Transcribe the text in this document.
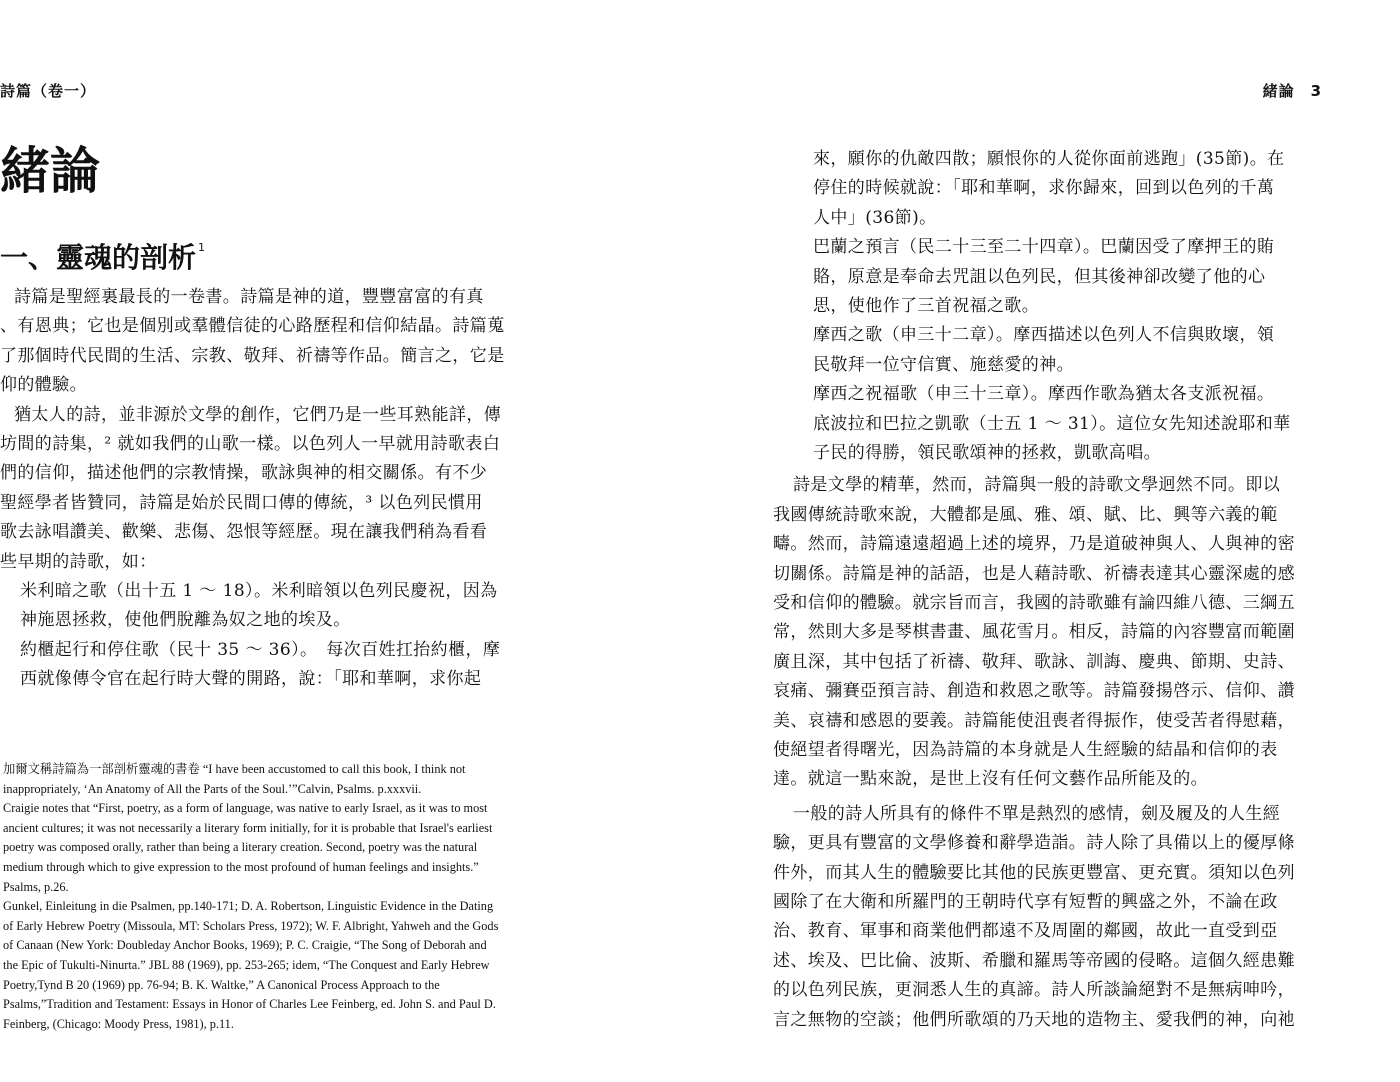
詩篇（卷一）
緒論
一、靈魂的剖析 $^1$

詩篇是聖經裏最長的一卷書。詩篇是神的道，豐豐富富的有真

、有恩典；它也是個別或羣體信徒的心路歷程和信仰結晶。詩篇蒐

了那個時代民間的生活、宗教、敬拜、祈禱等作品。簡言之，它是

仰的體驗。

猶太人的詩，並非源於文學的創作，它們乃是一些耳熟能詳，傳

坊間的詩集，² 就如我們的山歌一樣。以色列人一早就用詩歌表白

們的信仰，描述他們的宗教情操，歌詠與神的相交關係。有不少

聖經學者皆贊同，詩篇是始於民間口傳的傳統，³ 以色列民慣用

歌去詠唱讚美、歡樂、悲傷、怨恨等經歷。現在讓我們稍為看看

些早期的詩歌，如：

米利暗之歌（出十五 1 ～ 18）。米利暗領以色列民慶祝，因為

神施恩拯救，使他們脫離為奴之地的埃及。

約櫃起行和停住歌（民十 35 ～ 36）。　每次百姓扛抬約櫃，摩

西就像傳令官在起行時大聲的開路，說：「耶和華啊，求你起

加爾文稱詩篇為一部剖析靈魂的書卷 “I have been accustomed to call this book, I think not

inappropriately, ‘An Anatomy of All the Parts of the Soul.’”Calvin, Psalms. p.xxxvii.

Craigie notes that “First, poetry, as a form of language, was native to early Israel, as it was to most

ancient cultures; it was not necessarily a literary form initially, for it is probable that Israel's earliest

poetry was composed orally, rather than being a literary creation. Second, poetry was the natural

medium through which to give expression to the most profound of human feelings and insights.”

Psalms, p.26.

Gunkel, Einleitung in die Psalmen, pp.140-171; D. A. Robertson, Linguistic Evidence in the Dating

of Early Hebrew Poetry (Missoula, MT: Scholars Press, 1972); W. F. Albright, Yahweh and the Gods

of Canaan (New York: Doubleday Anchor Books, 1969); P. C. Craigie, “The Song of Deborah and

the Epic of Tukulti-Ninurta.” JBL 88 (1969), pp. 253-265; idem, “The Conquest and Early Hebrew

Poetry,Tynd B 20 (1969) pp. 76-94; B. K. Waltke,” A Canonical Process Approach to the

Psalms,”Tradition and Testament: Essays in Honor of Charles Lee Feinberg, ed. John S. and Paul D.

Feinberg, (Chicago: Moody Press, 1981), p.11.

緒論　3

來，願你的仇敵四散；願恨你的人從你面前逃跑」(35節)。在

停住的時候就說：「耶和華啊，求你歸來，回到以色列的千萬

人中」(36節)。

巴蘭之預言（民二十三至二十四章）。巴蘭因受了摩押王的賄

賂，原意是奉命去咒詛以色列民，但其後神卻改變了他的心

思，使他作了三首祝福之歌。

摩西之歌（申三十二章）。摩西描述以色列人不信與敗壞，領

民敬拜一位守信實、施慈愛的神。

摩西之祝福歌（申三十三章）。摩西作歌為猶太各支派祝福。

底波拉和巴拉之凱歌（士五 1 ～ 31）。這位女先知述說耶和華

子民的得勝，領民歌頌神的拯救，凱歌高唱。

詩是文學的精華，然而，詩篇與一般的詩歌文學迥然不同。即以

我國傳統詩歌來說，大體都是風、雅、頌、賦、比、興等六義的範

疇。然而，詩篇遠遠超過上述的境界，乃是道破神與人、人與神的密

切關係。詩篇是神的話語，也是人藉詩歌、祈禱表達其心靈深處的感

受和信仰的體驗。就宗旨而言，我國的詩歌雖有論四維八德、三綱五

常，然則大多是琴棋書畫、風花雪月。相反，詩篇的內容豐富而範圍

廣且深，其中包括了祈禱、敬拜、歌詠、訓誨、慶典、節期、史詩、

哀痛、彌賽亞預言詩、創造和救恩之歌等。詩篇發揚啓示、信仰、讚

美、哀禱和感恩的要義。詩篇能使沮喪者得振作，使受苦者得慰藉，

使絕望者得曙光，因為詩篇的本身就是人生經驗的結晶和信仰的表

達。就這一點來說，是世上沒有任何文藝作品所能及的。

一般的詩人所具有的條件不單是熱烈的感情，劍及履及的人生經

驗，更具有豐富的文學修養和辭學造詣。詩人除了具備以上的優厚條

件外，而其人生的體驗要比其他的民族更豐富、更充實。須知以色列

國除了在大衛和所羅門的王朝時代享有短暫的興盛之外，不論在政

治、教育、軍事和商業他們都遠不及周圍的鄰國，故此一直受到亞

述、埃及、巴比倫、波斯、希臘和羅馬等帝國的侵略。這個久經患難

的以色列民族，更洞悉人生的真諦。詩人所談論絕對不是無病呻吟，

言之無物的空談；他們所歌頌的乃天地的造物主、愛我們的神，向祂
